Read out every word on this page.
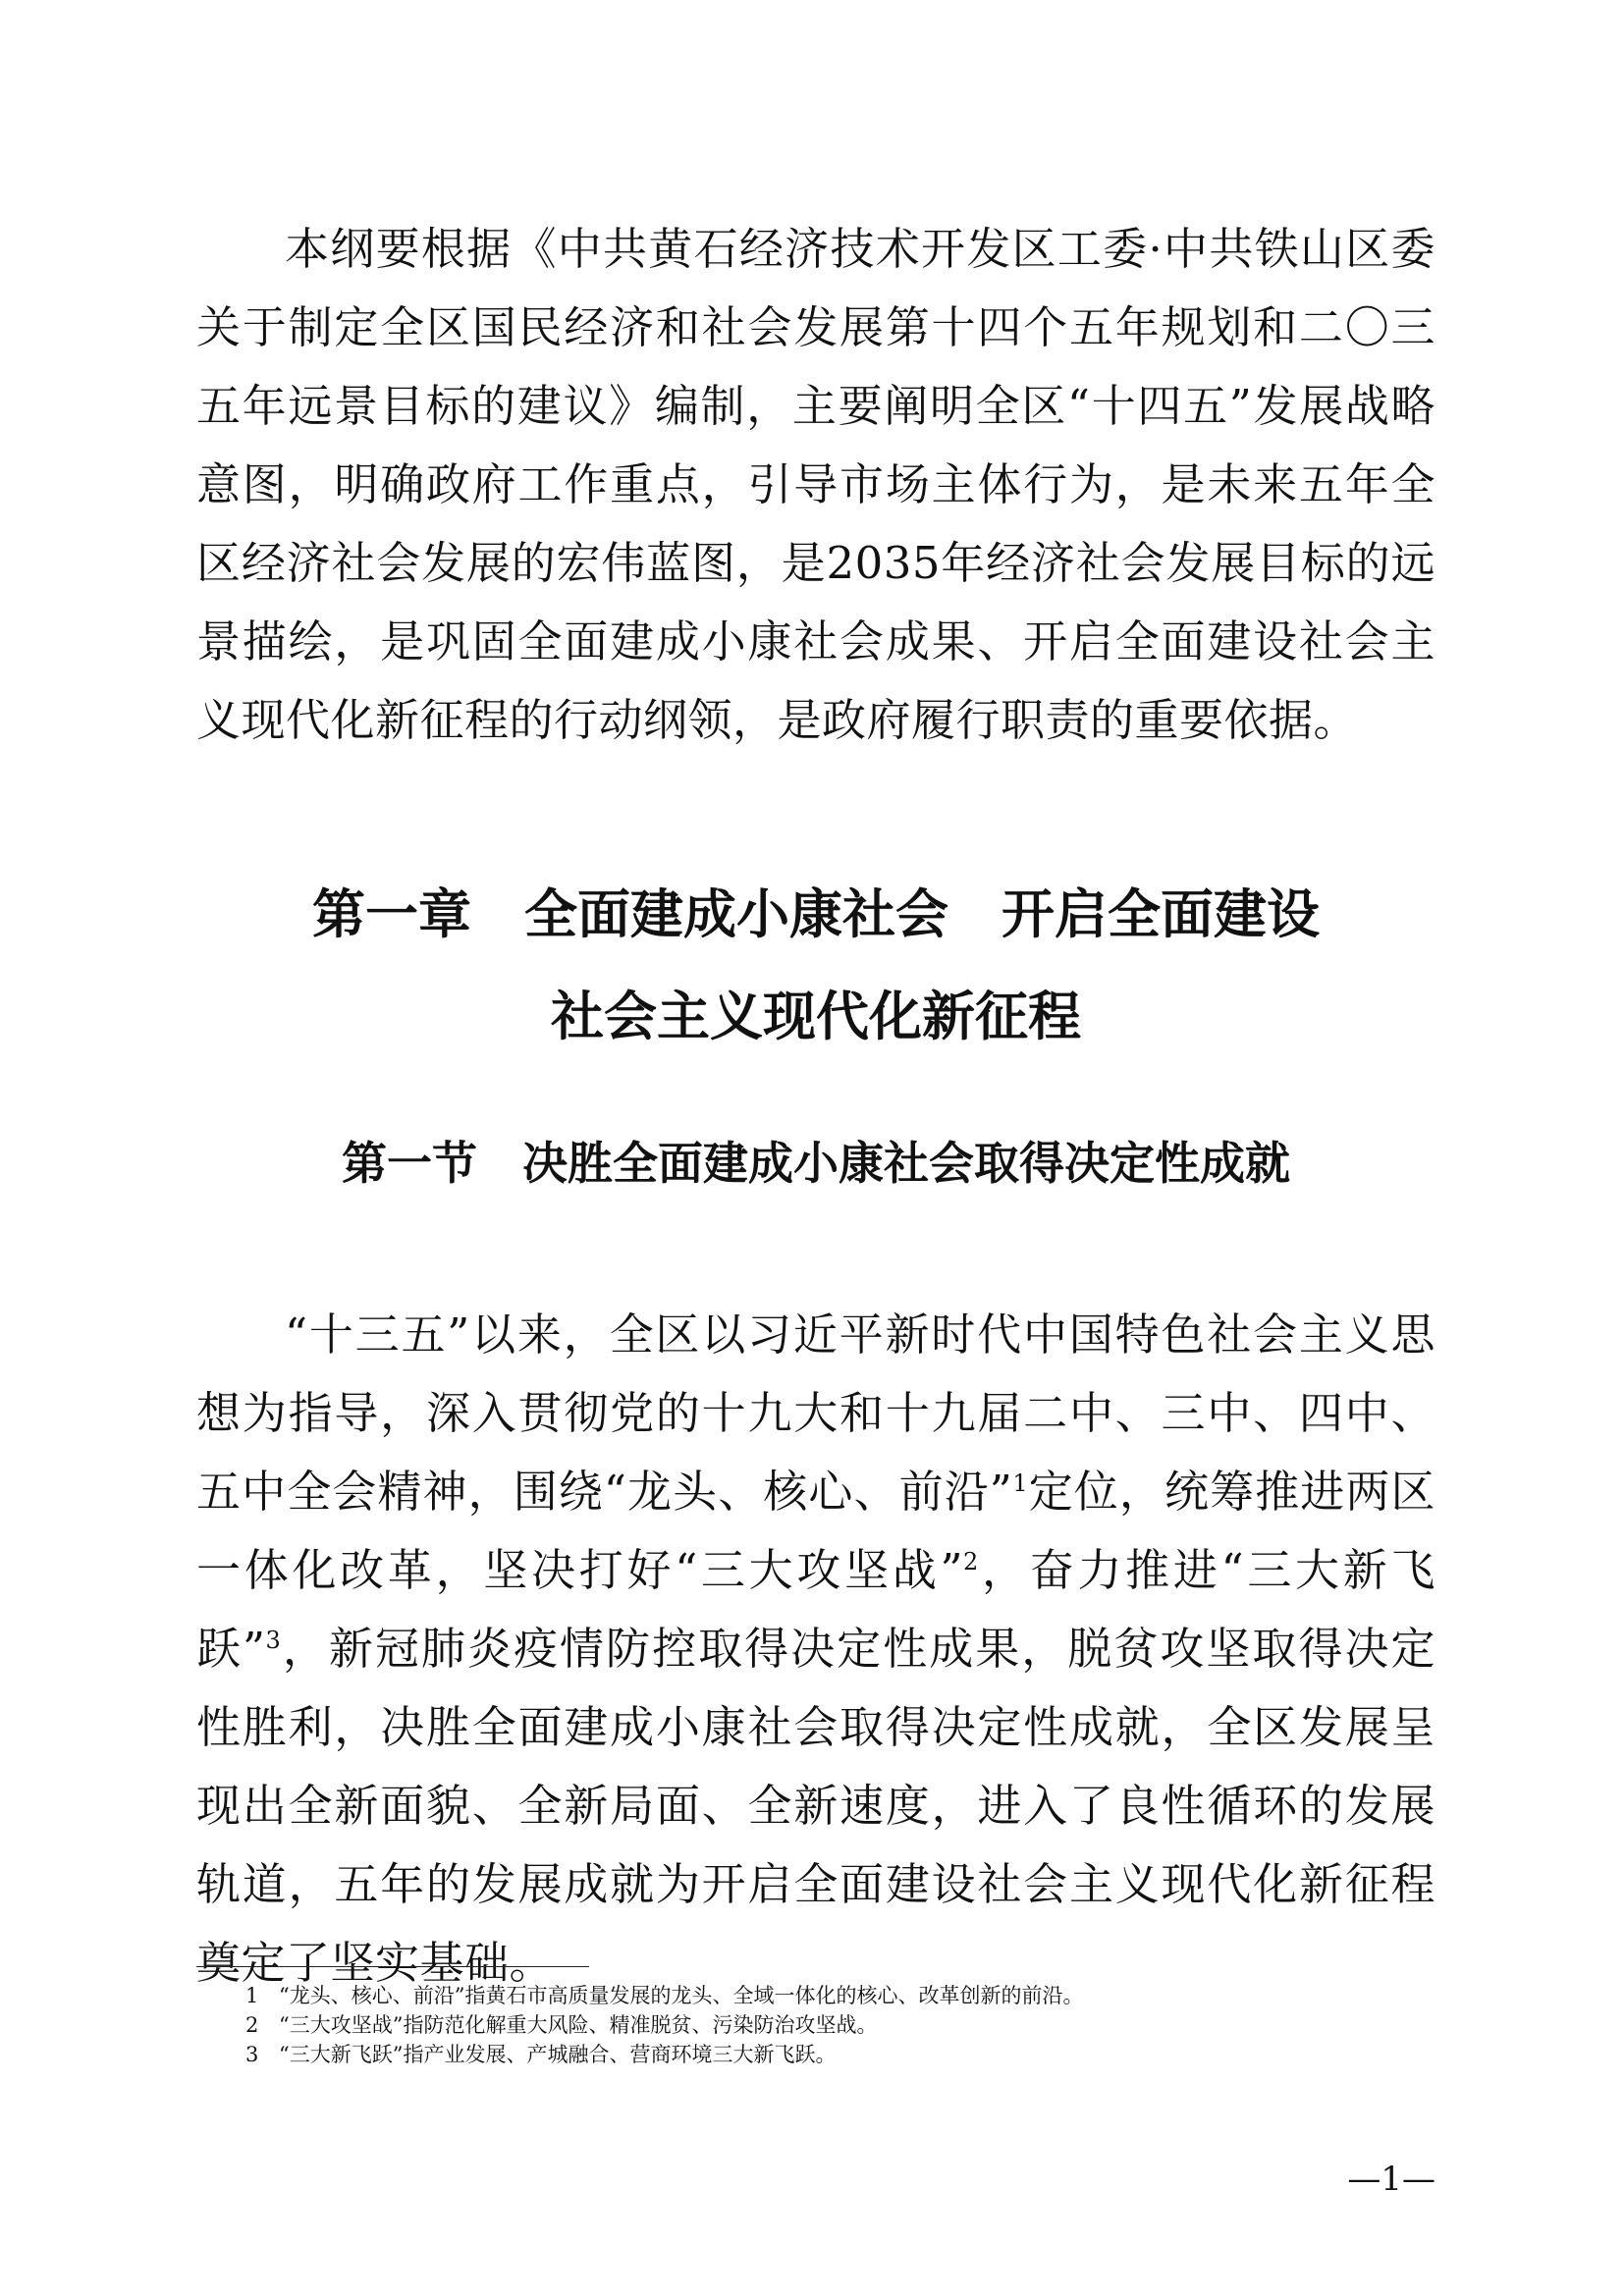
本纲要根据《中共黄石经济技术开发区工委·中共铁山区委关于制定全区国民经济和社会发展第十四个五年规划和二〇三五年远景目标的建议》编制，主要阐明全区“十四五”发展战略意图，明确政府工作重点，引导市场主体行为，是未来五年全区经济社会发展的宏伟蓝图，是2035年经济社会发展目标的远景描绘，是巩固全面建成小康社会成果、开启全面建设社会主义现代化新征程的行动纲领，是政府履行职责的重要依据。

第一章　全面建成小康社会　开启全面建设
社会主义现代化新征程
第一节　决胜全面建成小康社会取得决定性成就

“十三五”以来，全区以习近平新时代中国特色社会主义思想为指导，深入贯彻党的十九大和十九届二中、三中、四中、五中全会精神，围绕“龙头、核心、前沿”$^1$定位，统筹推进两区一体化改革，坚决打好“三大攻坚战”$^2$，奋力推进“三大新飞跃”$^3$，新冠肺炎疫情防控取得决定性成果，脱贫攻坚取得决定性胜利，决胜全面建成小康社会取得决定性成就，全区发展呈现出全新面貌、全新局面、全新速度，进入了良性循环的发展轨道，五年的发展成就为开启全面建设社会主义现代化新征程奠定了坚实基础。

1 “龙头、核心、前沿”指黄石市高质量发展的龙头、全域一体化的核心、改革创新的前沿。
2 “三大攻坚战”指防范化解重大风险、精准脱贫、污染防治攻坚战。
3 “三大新飞跃”指产业发展、产城融合、营商环境三大新飞跃。
—1—
